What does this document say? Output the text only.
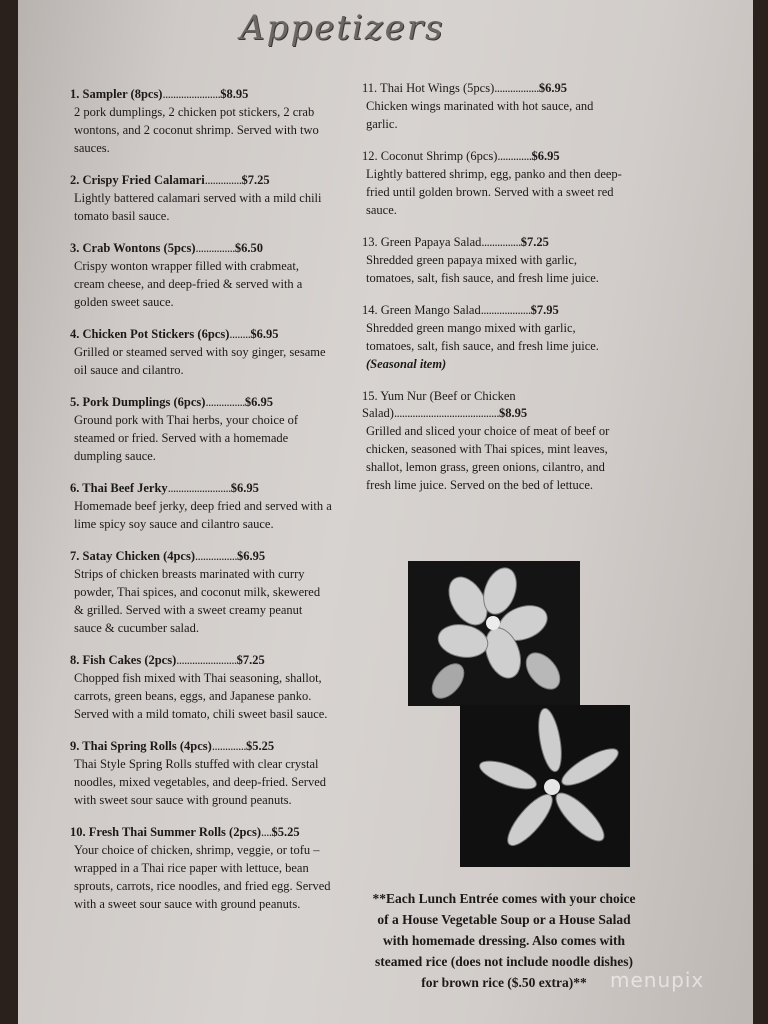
Appetizers
1. Sampler (8pcs)......................$8.95
2 pork dumplings, 2 chicken pot stickers, 2 crab wontons, and 2 coconut shrimp. Served with two sauces.
2. Crispy Fried Calamari..............$7.25
Lightly battered calamari served with a mild chili tomato basil sauce.
3. Crab Wontons (5pcs)...............$6.50
Crispy wonton wrapper filled with crabmeat, cream cheese, and deep-fried & served with a golden sweet sauce.
4. Chicken Pot Stickers (6pcs)........$6.95
Grilled or steamed served with soy ginger, sesame oil sauce and cilantro.
5. Pork Dumplings (6pcs)...............$6.95
Ground pork with Thai herbs, your choice of steamed or fried. Served with a homemade dumpling sauce.
6. Thai Beef Jerky........................$6.95
Homemade beef jerky, deep fried and served with a lime spicy soy sauce and cilantro sauce.
7. Satay Chicken (4pcs)................$6.95
Strips of chicken breasts marinated with curry powder, Thai spices, and coconut milk, skewered & grilled. Served with a sweet creamy peanut sauce & cucumber salad.
8. Fish Cakes (2pcs).......................$7.25
Chopped fish mixed with Thai seasoning, shallot, carrots, green beans, eggs, and Japanese panko. Served with a mild tomato, chili sweet basil sauce.
9. Thai Spring Rolls (4pcs).............$5.25
Thai Style Spring Rolls stuffed with clear crystal noodles, mixed vegetables, and deep-fried. Served with sweet sour sauce with ground peanuts.
10. Fresh Thai Summer Rolls (2pcs)....$5.25
Your choice of chicken, shrimp, veggie, or tofu – wrapped in a Thai rice paper with lettuce, bean sprouts, carrots, rice noodles, and fried egg. Served with a sweet sour sauce with ground peanuts.
11. Thai Hot Wings (5pcs).................$6.95
Chicken wings marinated with hot sauce, and garlic.
12. Coconut Shrimp (6pcs).............$6.95
Lightly battered shrimp, egg, panko and then deep-fried until golden brown. Served with a sweet red sauce.
13. Green Papaya Salad...............$7.25
Shredded green papaya mixed with garlic, tomatoes, salt, fish sauce, and fresh lime juice.
14. Green Mango Salad...................$7.95
Shredded green mango mixed with garlic, tomatoes, salt, fish sauce, and fresh lime juice.
(Seasonal item)
15. Yum Nur (Beef or Chicken
Salad)........................................$8.95
Grilled and sliced your choice of meat of beef or chicken, seasoned with Thai spices, mint leaves, shallot, lemon grass, green onions, cilantro, and fresh lime juice. Served on the bed of lettuce.
**Each Lunch Entrée comes with your choice of a House Vegetable Soup or a House Salad with homemade dressing. Also comes with steamed rice (does not include noodle dishes) for brown rice ($.50 extra)**	menupix
